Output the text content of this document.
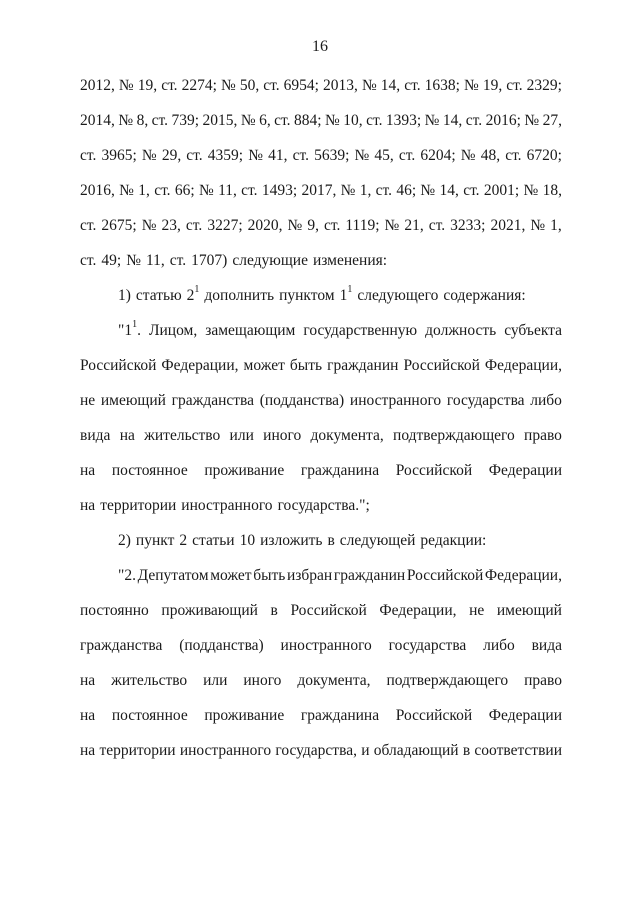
16
2012, № 19, ст. 2274; № 50, ст. 6954; 2013, № 14, ст. 1638; № 19, ст. 2329;
2014, № 8, ст. 739; 2015, № 6, ст. 884; № 10, ст. 1393; № 14, ст. 2016; № 27,
ст. 3965; № 29, ст. 4359; № 41, ст. 5639; № 45, ст. 6204; № 48, ст. 6720;
2016, № 1, ст. 66; № 11, ст. 1493; 2017, № 1, ст. 46; № 14, ст. 2001; № 18,
ст. 2675; № 23, ст. 3227; 2020, № 9, ст. 1119; № 21, ст. 3233; 2021, № 1,
ст. 49; № 11, ст. 1707) следующие изменения:
1) статью $2^1$ дополнить пунктом $1^1$ следующего содержания:
"$1^1$. Лицом, замещающим государственную должность субъекта
Российской Федерации, может быть гражданин Российской Федерации,
не имеющий гражданства (подданства) иностранного государства либо
вида на жительство или иного документа, подтверждающего право
на постоянное проживание гражданина Российской Федерации
на территории иностранного государства.";
2) пункт 2 статьи 10 изложить в следующей редакции:
"2. Депутатом может быть избран гражданин Российской Федерации,
постоянно проживающий в Российской Федерации, не имеющий
гражданства (подданства) иностранного государства либо вида
на жительство или иного документа, подтверждающего право
на постоянное проживание гражданина Российской Федерации
на территории иностранного государства, и обладающий в соответствии
